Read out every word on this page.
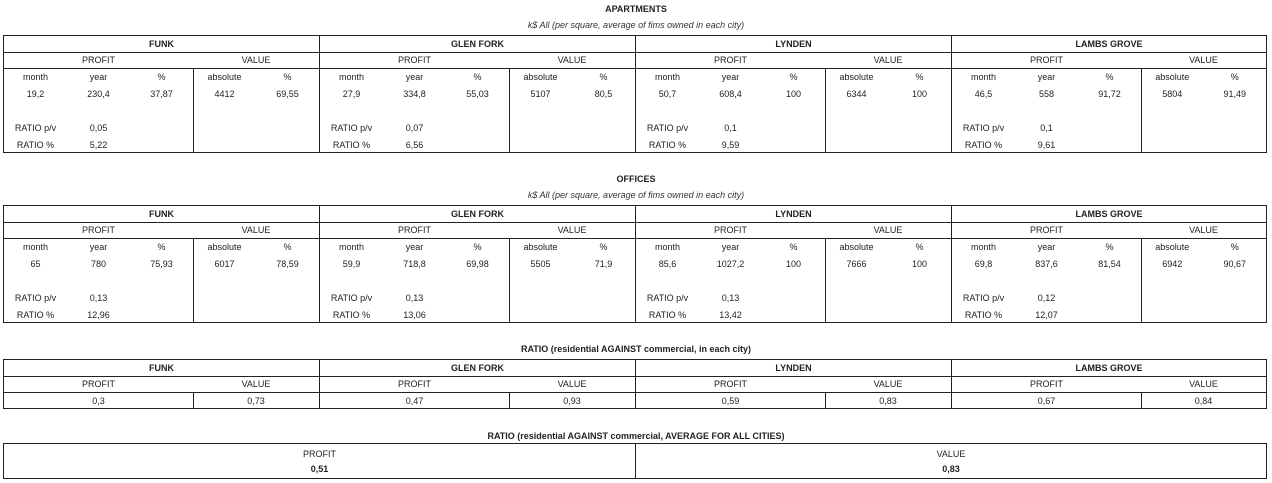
APARTMENTS
k$ All (per square, average of fims owned in each city)
FUNK
PROFIT	VALUE
month	year	%	absolute	%
19,2	230,4	37,87	4412	69,55
RATIO p/v	0,05
RATIO %	5,22
GLEN FORK
PROFIT	VALUE
month	year	%	absolute	%
27,9	334,8	55,03	5107	80,5
RATIO p/v	0,07
RATIO %	6,56
LYNDEN
PROFIT	VALUE
month	year	%	absolute	%
50,7	608,4	100	6344	100
RATIO p/v	0,1
RATIO %	9,59
LAMBS GROVE
PROFIT	VALUE
month	year	%	absolute	%
46,5	558	91,72	5804	91,49
RATIO p/v	0,1
RATIO %	9,61
OFFICES
k$ All (per square, average of fims owned in each city)
FUNK
PROFIT	VALUE
month	year	%	absolute	%
65	780	75,93	6017	78,59
RATIO p/v	0,13
RATIO %	12,96
GLEN FORK
PROFIT	VALUE
month	year	%	absolute	%
59,9	718,8	69,98	5505	71,9
RATIO p/v	0,13
RATIO %	13,06
LYNDEN
PROFIT	VALUE
month	year	%	absolute	%
85,6	1027,2	100	7666	100
RATIO p/v	0,13
RATIO %	13,42
LAMBS GROVE
PROFIT	VALUE
month	year	%	absolute	%
69,8	837,6	81,54	6942	90,67
RATIO p/v	0,12
RATIO %	12,07
RATIO (residential AGAINST commercial, in each city)
FUNK
PROFIT	VALUE
0,3	0,73
GLEN FORK
PROFIT	VALUE
0,47	0,93
LYNDEN
PROFIT	VALUE
0,59	0,83
LAMBS GROVE
PROFIT	VALUE
0,67	0,84
RATIO (residential AGAINST commercial, AVERAGE FOR ALL CITIES)
PROFIT
0,51
VALUE
0,83
